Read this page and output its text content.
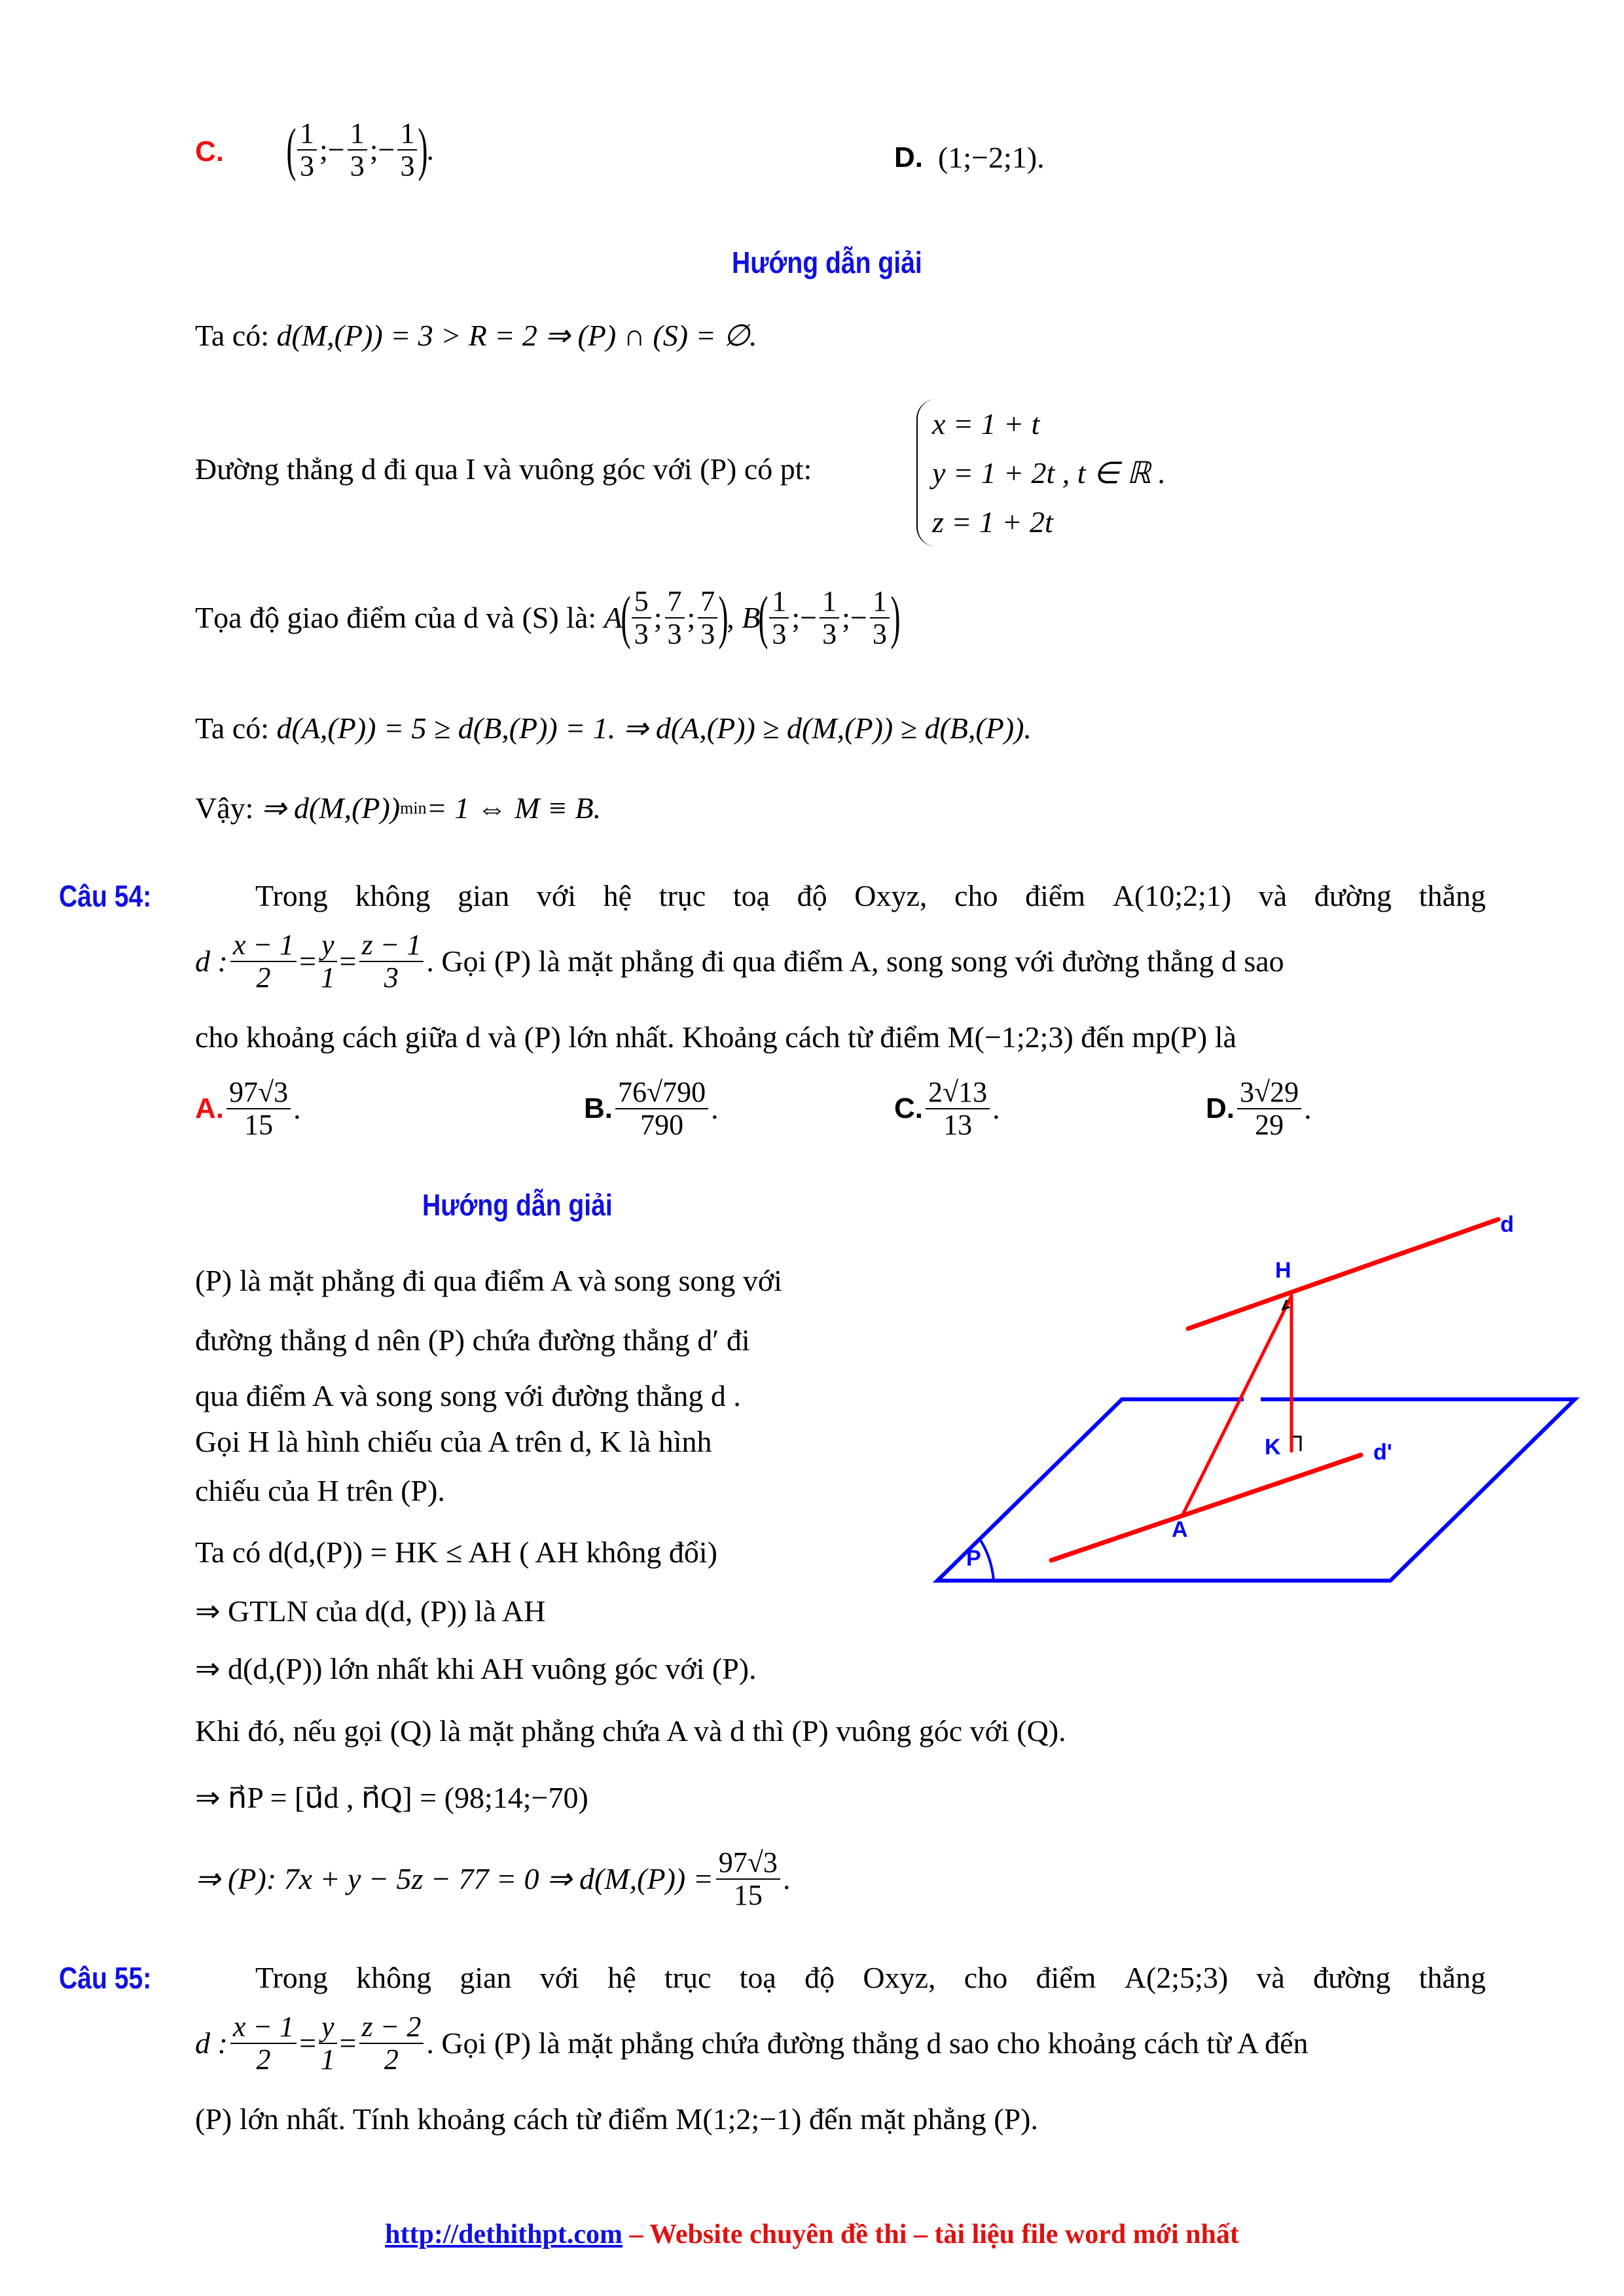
C. ( $\frac{1}{3}$ ;− $\frac{1}{3}$ ;− $\frac{1}{3}$ )
.	D.
(1;−2;1).
Hướng dẫn giải
Ta có:
d(M,(P)) = 3 > R = 2 ⇒ (P) ∩ (S) = ∅.
Đường thẳng d đi qua I và vuông góc với (P) có pt:
x = 1 + t
y = 1 + 2t , t ∈ ℝ .
z = 1 + 2t
Tọa độ giao điểm của d và (S) là:
A
( $\frac{5}{3}$ ; $\frac{7}{3}$ ; $\frac{7}{3}$ )
, B
( $\frac{1}{3}$ ;− $\frac{1}{3}$ ;− $\frac{1}{3}$ )
Ta có:
d(A,(P)) = 5 ≥ d(B,(P)) = 1. ⇒ d(A,(P)) ≥ d(M,(P)) ≥ d(B,(P)).
Vậy:
⇒ d(M,(P)) min = 1 ⇔ M ≡ B.
Câu 54:	Trong không gian với hệ trục toạ độ Oxyz, cho điểm A(10;2;1) và đường thẳng
d : $\frac{x - 1}{2} = \frac{y}{1} = \frac{z - 1}{3}$ . Gọi (P) là mặt phẳng đi qua điểm A, song song với đường thẳng d sao
cho khoảng cách giữa d và (P) lớn nhất. Khoảng cách từ điểm M(−1;2;3) đến mp(P) là
A. $\frac{97√3}{15}$ .	B. $\frac{76√790}{790}$ .	C. $\frac{2√13}{13}$ .	D. $\frac{3√29}{29}$ .
Hướng dẫn giải
(P) là mặt phẳng đi qua điểm A và song song với
đường thẳng d nên (P) chứa đường thẳng d′ đi
qua điểm A và song song với đường thẳng d .
Gọi H là hình chiếu của A trên d, K là hình
chiếu của H trên (P).
Ta có d(d,(P)) = HK ≤ AH ( AH không đổi)
⇒ GTLN của d(d, (P)) là AH
⇒ d(d,(P)) lớn nhất khi AH vuông góc với (P).
Khi đó, nếu gọi (Q) là mặt phẳng chứa A và d thì (P) vuông góc với (Q).
⇒ n⃗P = [u⃗d , n⃗Q] = (98;14;−70)
⇒ (P): 7x + y − 5z − 77 = 0 ⇒ $d(M,(P)) = \frac{97√3}{15}$ .
d
H
K	d'
A
P
Câu 55:	Trong không gian với hệ trục toạ độ Oxyz, cho điểm A(2;5;3) và đường thẳng
d : $\frac{x - 1}{2} = \frac{y}{1} = \frac{z - 2}{2}$ . Gọi (P) là mặt phẳng chứa đường thẳng d sao cho khoảng cách từ A đến
(P) lớn nhất. Tính khoảng cách từ điểm M(1;2;−1) đến mặt phẳng (P).
http://dethithpt.com – Website chuyên đề thi – tài liệu file word mới nhất
